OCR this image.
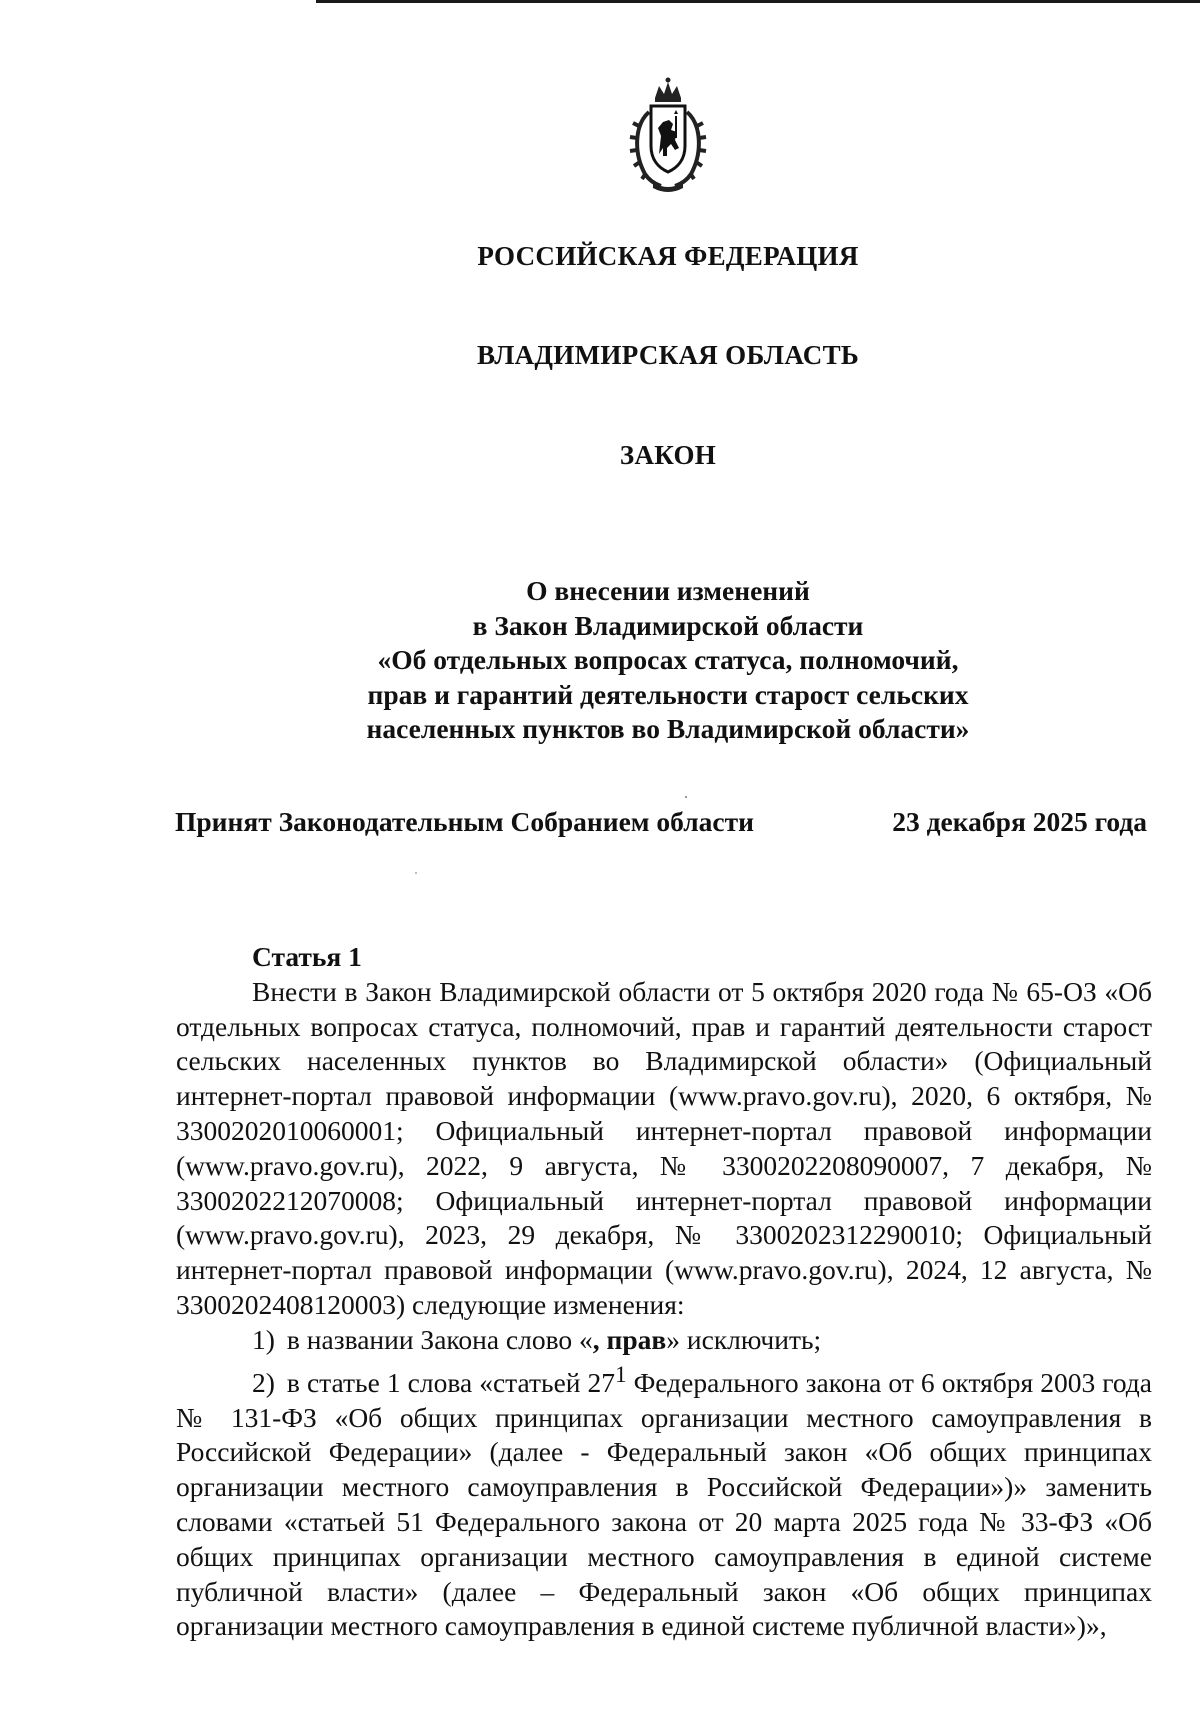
РОССИЙСКАЯ ФЕДЕРАЦИЯ
ВЛАДИМИРСКАЯ ОБЛАСТЬ
ЗАКОН
О внесении изменений
в Закон Владимирской области
«Об отдельных вопросах статуса, полномочий,
прав и гарантий деятельности старост сельских
населенных пунктов во Владимирской области»
Принят Законодательным Собранием области	23 декабря 2025 года
Статья 1
Внести в Закон Владимирской области от 5 октября 2020 года № 65-ОЗ «Об отдельных вопросах статуса, полномочий, прав и гарантий деятельности старост сельских населенных пунктов во Владимирской области» (Официальный интернет-портал правовой информации (www.pravo.gov.ru), 2020, 6 октября, № 3300202010060001; Официальный интернет-портал правовой информации (www.pravo.gov.ru), 2022, 9 августа, № 3300202208090007, 7 декабря, № 3300202212070008; Официальный интернет-портал правовой информации (www.pravo.gov.ru), 2023, 29 декабря, № 3300202312290010; Официальный интернет-портал правовой информации (www.pravo.gov.ru), 2024, 12 августа, № 3300202408120003) следующие изменения:
1) в названии Закона слово «, прав» исключить;
2) в статье 1 слова «статьей $27^1$ Федерального закона от 6 октября 2003 года № 131-ФЗ «Об общих принципах организации местного самоуправления в Российской Федерации» (далее - Федеральный закон «Об общих принципах организации местного самоуправления в Российской Федерации»)» заменить словами «статьей 51 Федерального закона от 20 марта 2025 года № 33-ФЗ «Об общих принципах организации местного самоуправления в единой системе публичной власти» (далее – Федеральный закон «Об общих принципах организации местного самоуправления в единой системе публичной власти»)»,
